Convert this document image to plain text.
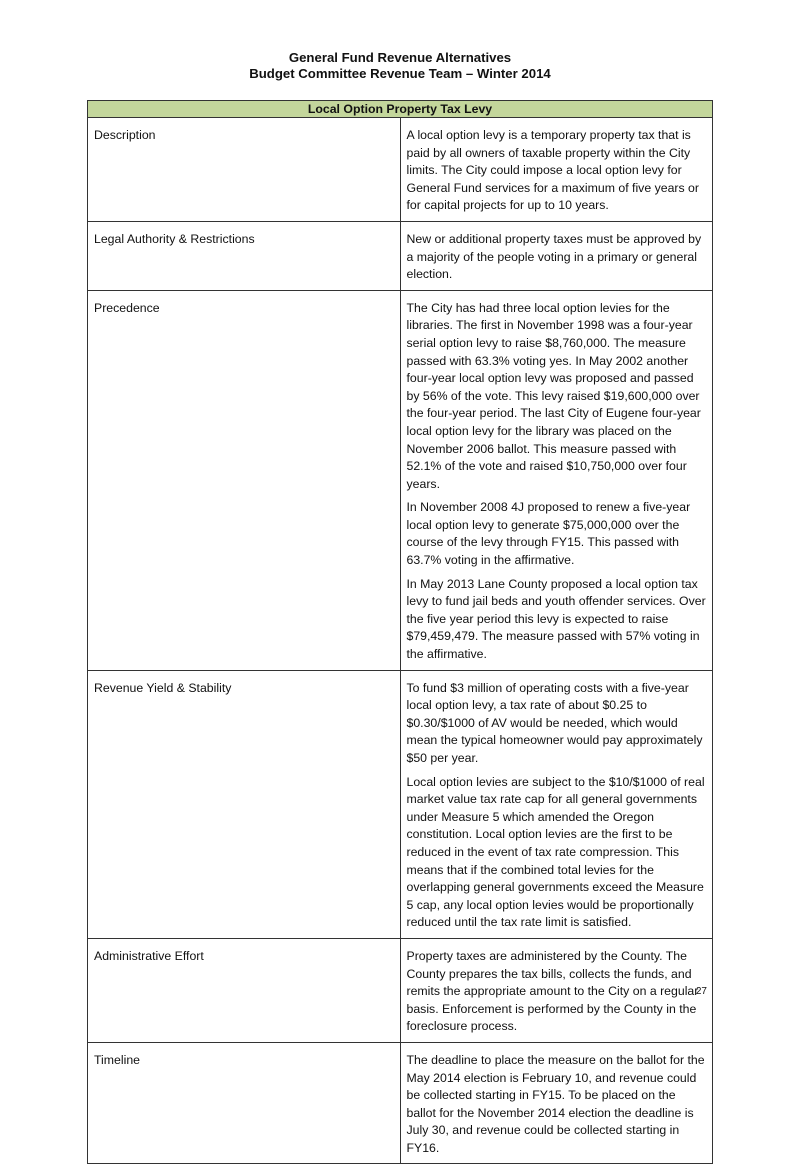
General Fund Revenue Alternatives
Budget Committee Revenue Team – Winter 2014
Local Option Property Tax Levy	
Description	A local option levy is a temporary property tax that is paid by all owners of taxable property within the City limits. The City could impose a local option levy for General Fund services for a maximum of five years or for capital projects for up to 10 years.

Legal Authority & Restrictions	New or additional property taxes must be approved by a majority of the people voting in a primary or general election.

Precedence	The City has had three local option levies for the libraries. The first in November 1998 was a four-year serial option levy to raise $8,760,000. The measure passed with 63.3% voting yes. In May 2002 another four-year local option levy was proposed and passed by 56% of the vote. This levy raised $19,600,000 over the four-year period. The last City of Eugene four-year local option levy for the library was placed on the November 2006 ballot. This measure passed with 52.1% of the vote and raised $10,750,000 over four years.

In November 2008 4J proposed to renew a five-year local option levy to generate $75,000,000 over the course of the levy through FY15. This passed with 63.7% voting in the affirmative.

In May 2013 Lane County proposed a local option tax levy to fund jail beds and youth offender services. Over the five year period this levy is expected to raise $79,459,479. The measure passed with 57% voting in the affirmative.

Revenue Yield & Stability	To fund $3 million of operating costs with a five-year local option levy, a tax rate of about $0.25 to $0.30/$1000 of AV would be needed, which would mean the typical homeowner would pay approximately $50 per year.

Local option levies are subject to the $10/$1000 of real market value tax rate cap for all general governments under Measure 5 which amended the Oregon constitution. Local option levies are the first to be reduced in the event of tax rate compression. This means that if the combined total levies for the overlapping general governments exceed the Measure 5 cap, any local option levies would be proportionally reduced until the tax rate limit is satisfied.

Administrative Effort	Property taxes are administered by the County. The County prepares the tax bills, collects the funds, and remits the appropriate amount to the City on a regular basis. Enforcement is performed by the County in the foreclosure process.

Timeline	The deadline to place the measure on the ballot for the May 2014 election is February 10, and revenue could be collected starting in FY15. To be placed on the ballot for the November 2014 election the deadline is July 30, and revenue could be collected starting in FY16.

27
